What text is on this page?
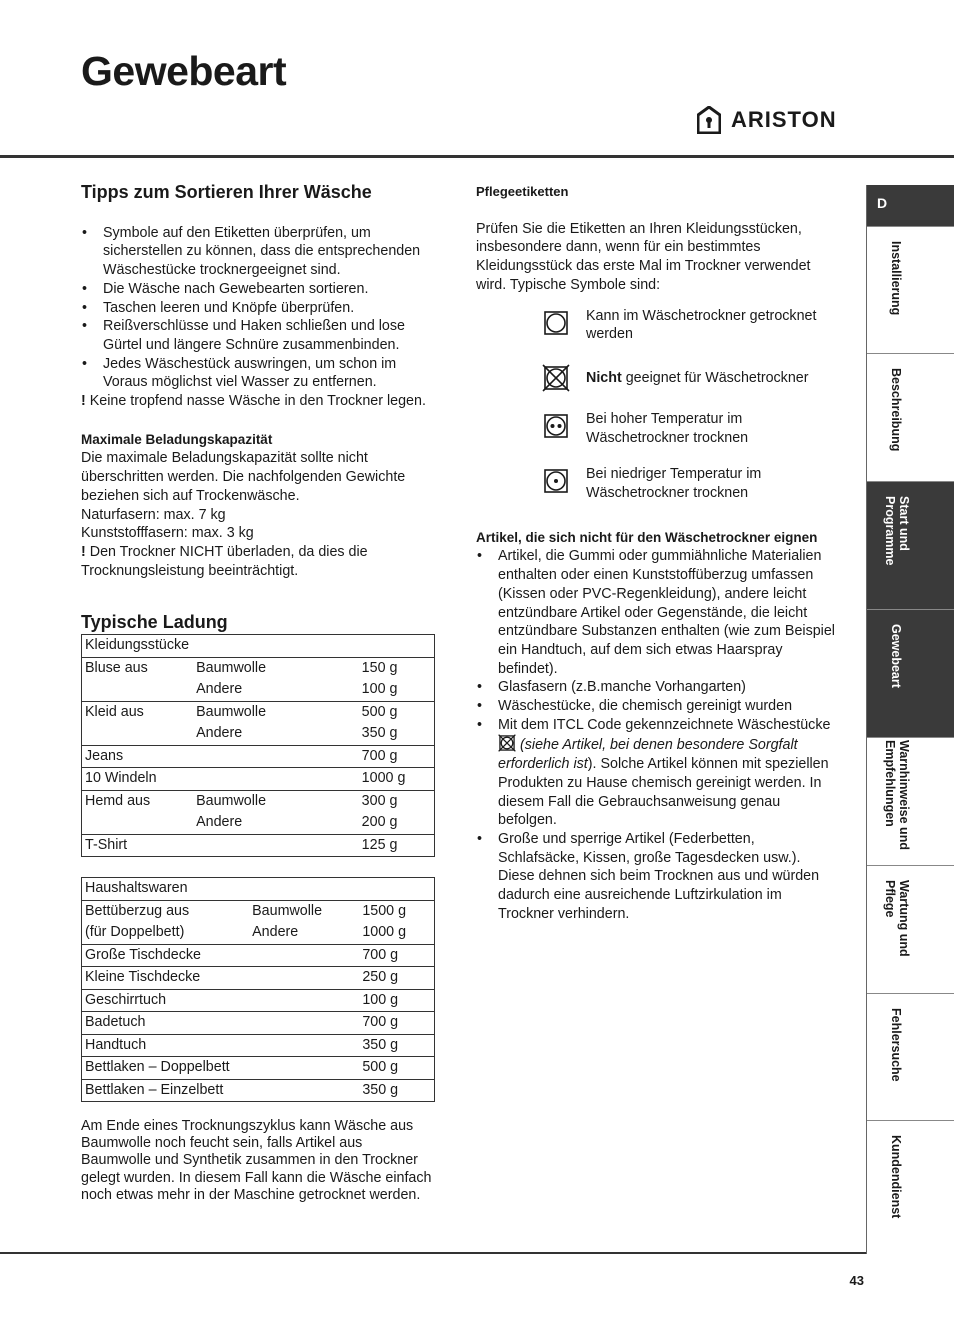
Gewebeart
ARISTON
Tipps zum Sortieren Ihrer Wäsche
• Symbole auf den Etiketten überprüfen, um sicherstellen zu können, dass die entsprechenden Wäschestücke trocknergeeignet sind.
• Die Wäsche nach Gewebearten sortieren.
• Taschen leeren und Knöpfe überprüfen.
• Reißverschlüsse und Haken schließen und lose Gürtel und längere Schnüre zusammenbinden.
• Jedes Wäschestück auswringen, um schon im Voraus möglichst viel Wasser zu entfernen.

! Keine tropfend nasse Wäsche in den Trockner legen.

Maximale Beladungskapazität

Die maximale Beladungskapazität sollte nicht überschritten werden. Die nachfolgenden Gewichte beziehen sich auf Trockenwäsche.

Naturfasern: max. 7 kg

Kunststofffasern: max. 3 kg

! Den Trockner NICHT überladen, da dies die Trocknungsleistung beeinträchtigt.

Typische Ladung
Kleidungsstücke		
Bluse aus	Baumwolle	150 g
	Andere	100 g
Kleid aus	Baumwolle	500 g
	Andere	350 g
Jeans		700 g
10 Windeln		1000 g
Hemd aus	Baumwolle	300 g
	Andere	200 g
T-Shirt		125 g
Haushaltswaren		
Bettüberzug aus	Baumwolle	1500 g
(für Doppelbett)	Andere	1000 g
Große Tischdecke		700 g
Kleine Tischdecke		250 g
Geschirrtuch		100 g
Badetuch		700 g
Handtuch		350 g
Bettlaken – Doppelbett		500 g
Bettlaken – Einzelbett		350 g

Am Ende eines Trocknungszyklus kann Wäsche aus Baumwolle noch feucht sein, falls Artikel aus Baumwolle und Synthetik zusammen in den Trockner gelegt wurden. In diesem Fall kann die Wäsche einfach noch etwas mehr in der Maschine getrocknet werden.

Pflegeetiketten

Prüfen Sie die Etiketten an Ihren Kleidungsstücken, insbesondere dann, wenn für ein bestimmtes Kleidungsstück das erste Mal im Trockner verwendet wird. Typische Symbole sind:

Kann im Wäschetrockner getrocknet werden
Nicht geeignet für Wäschetrockner
Bei hoher Temperatur im Wäschetrockner trocknen
Bei niedriger Temperatur im Wäschetrockner trocknen
Artikel, die sich nicht für den Wäschetrockner eignen
• Artikel, die Gummi oder gummiähnliche Materialien enthalten oder einen Kunststoffüberzug umfassen (Kissen oder PVC-Regenkleidung), andere leicht entzündbare Artikel oder Gegenstände, die leicht entzündbare Substanzen enthalten (wie zum Beispiel ein Handtuch, auf dem sich etwas Haarspray befindet).
• Glasfasern (z.B.manche Vorhangarten)
• Wäschestücke, die chemisch gereinigt wurden
• Mit dem ITCL Code gekennzeichnete Wäschestücke  (siehe Artikel, bei denen besondere Sorgfalt erforderlich ist). Solche Artikel können mit speziellen Produkten zu Hause chemisch gereinigt werden. In diesem Fall die Gebrauchsanweisung genau befolgen.
• Große und sperrige Artikel (Federbetten, Schlafsäcke, Kissen, große Tagesdecken usw.). Diese dehnen sich beim Trocknen aus und würden dadurch eine ausreichende Luftzirkulation im Trockner verhindern.
D
Installierung
Beschreibung
Start und Programme
Gewebeart
Warnhinweise und Empfehlungen
Wartung und Pflege
Fehlersuche
Kundendienst
43
